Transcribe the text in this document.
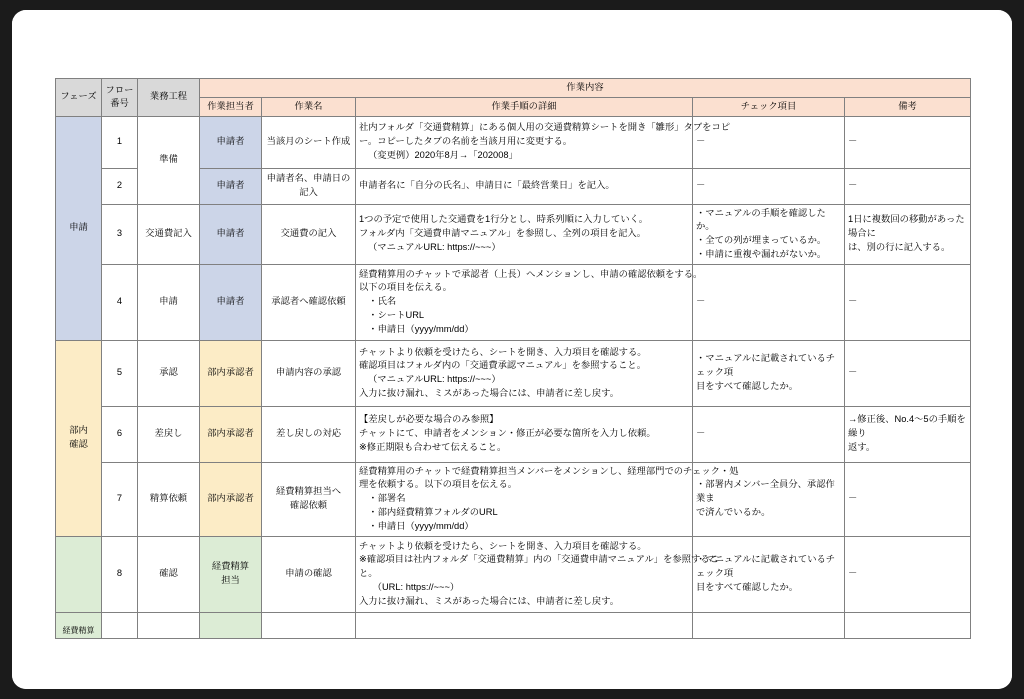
フェーズ	フロー
番号	業務工程	作業内容				
			作業担当者	作業名	作業手順の詳細	チェック項目	備考
申請	1	準備	申請者	当該月のシート作成	社内フォルダ「交通費精算」にある個人用の交通費精算シートを開き「雛形」タブをコピ
ー。コピーしたタブの名前を当該月用に変更する。
（変更例）2020年8月→「202008」	－	－

	2		申請者	申請者名、申請日の
記入	申請者名に「自分の氏名」、申請日に「最終営業日」を記入。	－	－

	3	交通費記入	申請者	交通費の記入	1つの予定で使用した交通費を1行分とし、時系列順に入力していく。
フォルダ内「交通費申請マニュアル」を参照し、全列の項目を記入。
（マニュアルURL: https://~~~）	・マニュアルの手順を確認したか。
・全ての列が埋まっているか。
・申請に重複や漏れがないか。	1日に複数回の移動があった場合に
は、別の行に記入する。

	4	申請	申請者	承認者へ確認依頼	経費精算用のチャットで承認者（上長）へメンションし、申請の確認依頼をする。
以下の項目を伝える。
　・氏名
　・シートURL
　・申請日（yyyy/mm/dd）	－	－

部内
確認	5	承認	部内承認者	申請内容の承認	チャットより依頼を受けたら、シートを開き、入力項目を確認する。
確認項目はフォルダ内の「交通費承認マニュアル」を参照すること。
（マニュアルURL: https://~~~）
入力に抜け漏れ、ミスがあった場合には、申請者に差し戻す。	・マニュアルに記載されているチェック項
目をすべて確認したか。	－

	6	差戻し	部内承認者	差し戻しの対応	【差戻しが必要な場合のみ参照】
チャットにて、申請者をメンション・修正が必要な箇所を入力し依頼。
※修正期限も合わせて伝えること。	－	→修正後、No.4～5の手順を繰り
返す。

	7	精算依頼	部内承認者	経費精算担当へ
確認依頼	経費精算用のチャットで経費精算担当メンバーをメンションし、経理部門でのチェック・処
理を依頼する。以下の項目を伝える。
　・部署名
　・部内経費精算フォルダのURL
　・申請日（yyyy/mm/dd）	・部署内メンバー全員分、承認作業ま
で済んでいるか。	－

	8	確認	経費精算
担当	申請の確認	チャットより依頼を受けたら、シートを開き、入力項目を確認する。
※確認項目は社内フォルダ「交通費精算」内の「交通費申請マニュアル」を参照するこ
と。
　（URL: https://~~~）
入力に抜け漏れ、ミスがあった場合には、申請者に差し戻す。	・マニュアルに記載されているチェック項
目をすべて確認したか。	－

経費精算							
